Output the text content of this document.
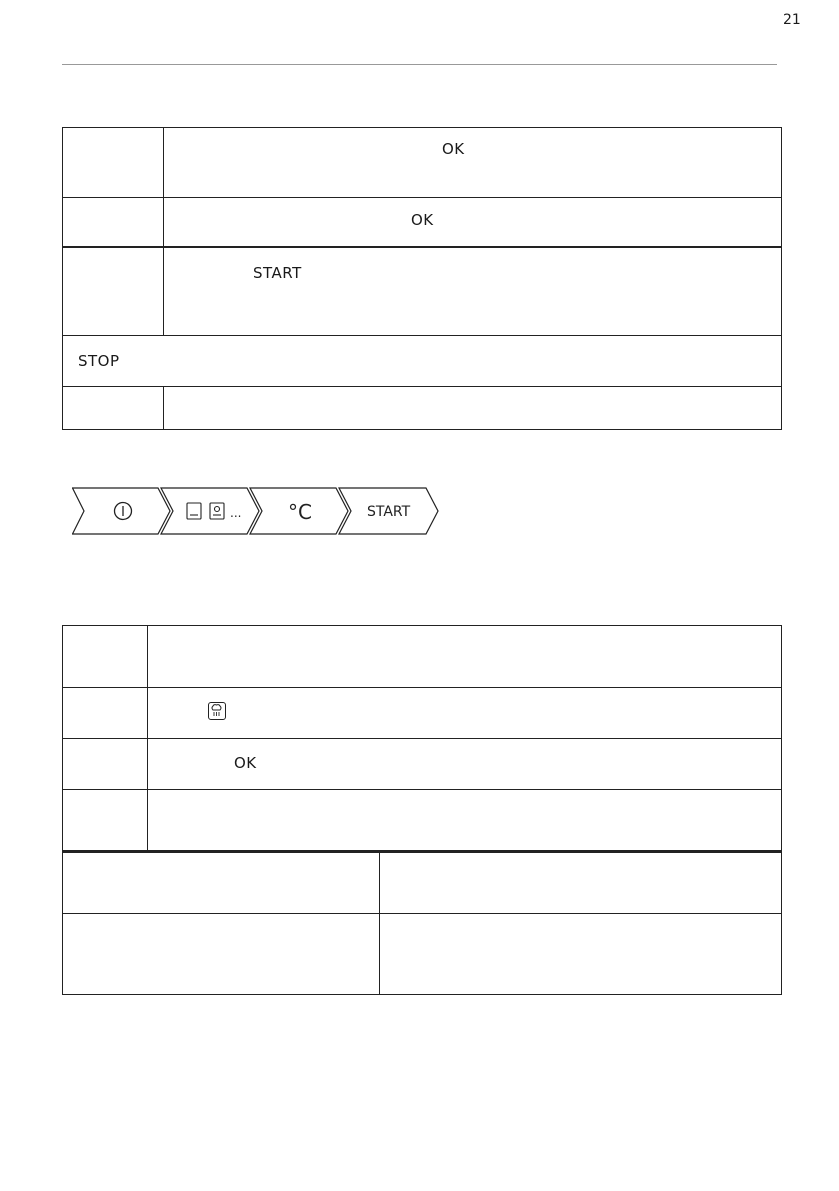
21
	OK
	OK
	START
STOP	

... °C	START

	OK
